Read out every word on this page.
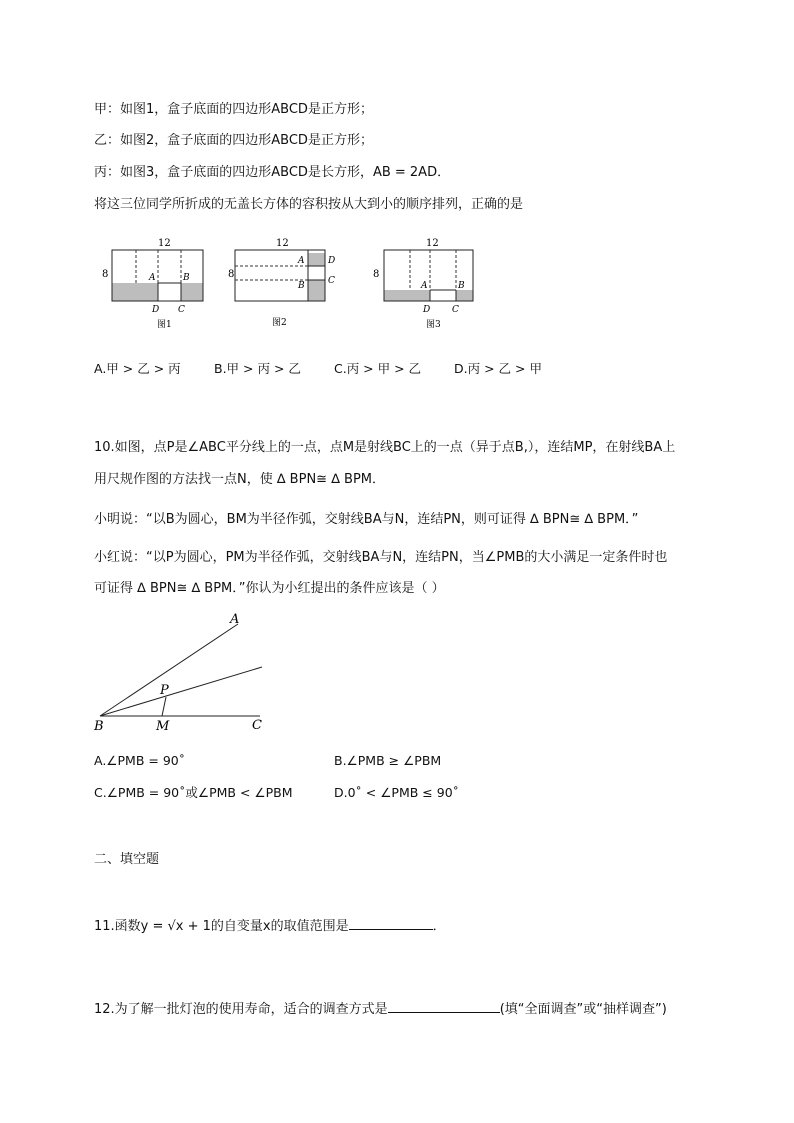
甲：如图1，盒子底面的四边形ABCD是正方形；
乙：如图2，盒子底面的四边形ABCD是正方形；
丙：如图3，盒子底面的四边形ABCD是长方形，AB = 2AD．
将这三位同学所折成的无盖长方体的容积按从大到小的顺序排列，正确的是
12
8	A	B
D C
图1
12
8
A
B
D
C
图2
12
8
A	B
D C
图3
A.甲 > 乙 > 丙	B.甲 > 丙 > 乙	C.丙 > 甲 > 乙	D.丙 > 乙 > 甲
10.如图，点P是∠ABC平分线上的一点，点M是射线BC上的一点（异于点B,），连结MP，在射线BA上
用尺规作图的方法找一点N，使 ∆ BPN≅ ∆ BPM．
小明说：“以B为圆心，BM为半径作弧，交射线BA与N，连结PN，则可证得 ∆ BPN≅ ∆ BPM．”
小红说：“以P为圆心，PM为半径作弧，交射线BA与N，连结PN，当∠PMB的大小满足一定条件时也
可证得 ∆ BPN≅ ∆ BPM．”你认为小红提出的条件应该是（ ）
A
P
B	M	C
A.∠PMB = 90˚	B.∠PMB ≥ ∠PBM
C.∠PMB = 90˚或∠PMB < ∠PBM	D.0˚ < ∠PMB ≤ 90˚
二、填空题
11.函数y = √x + 1的自变量x的取值范围是	．
12.为了解一批灯泡的使用寿命，适合的调查方式是	(填“全面调查”或“抽样调查”)
